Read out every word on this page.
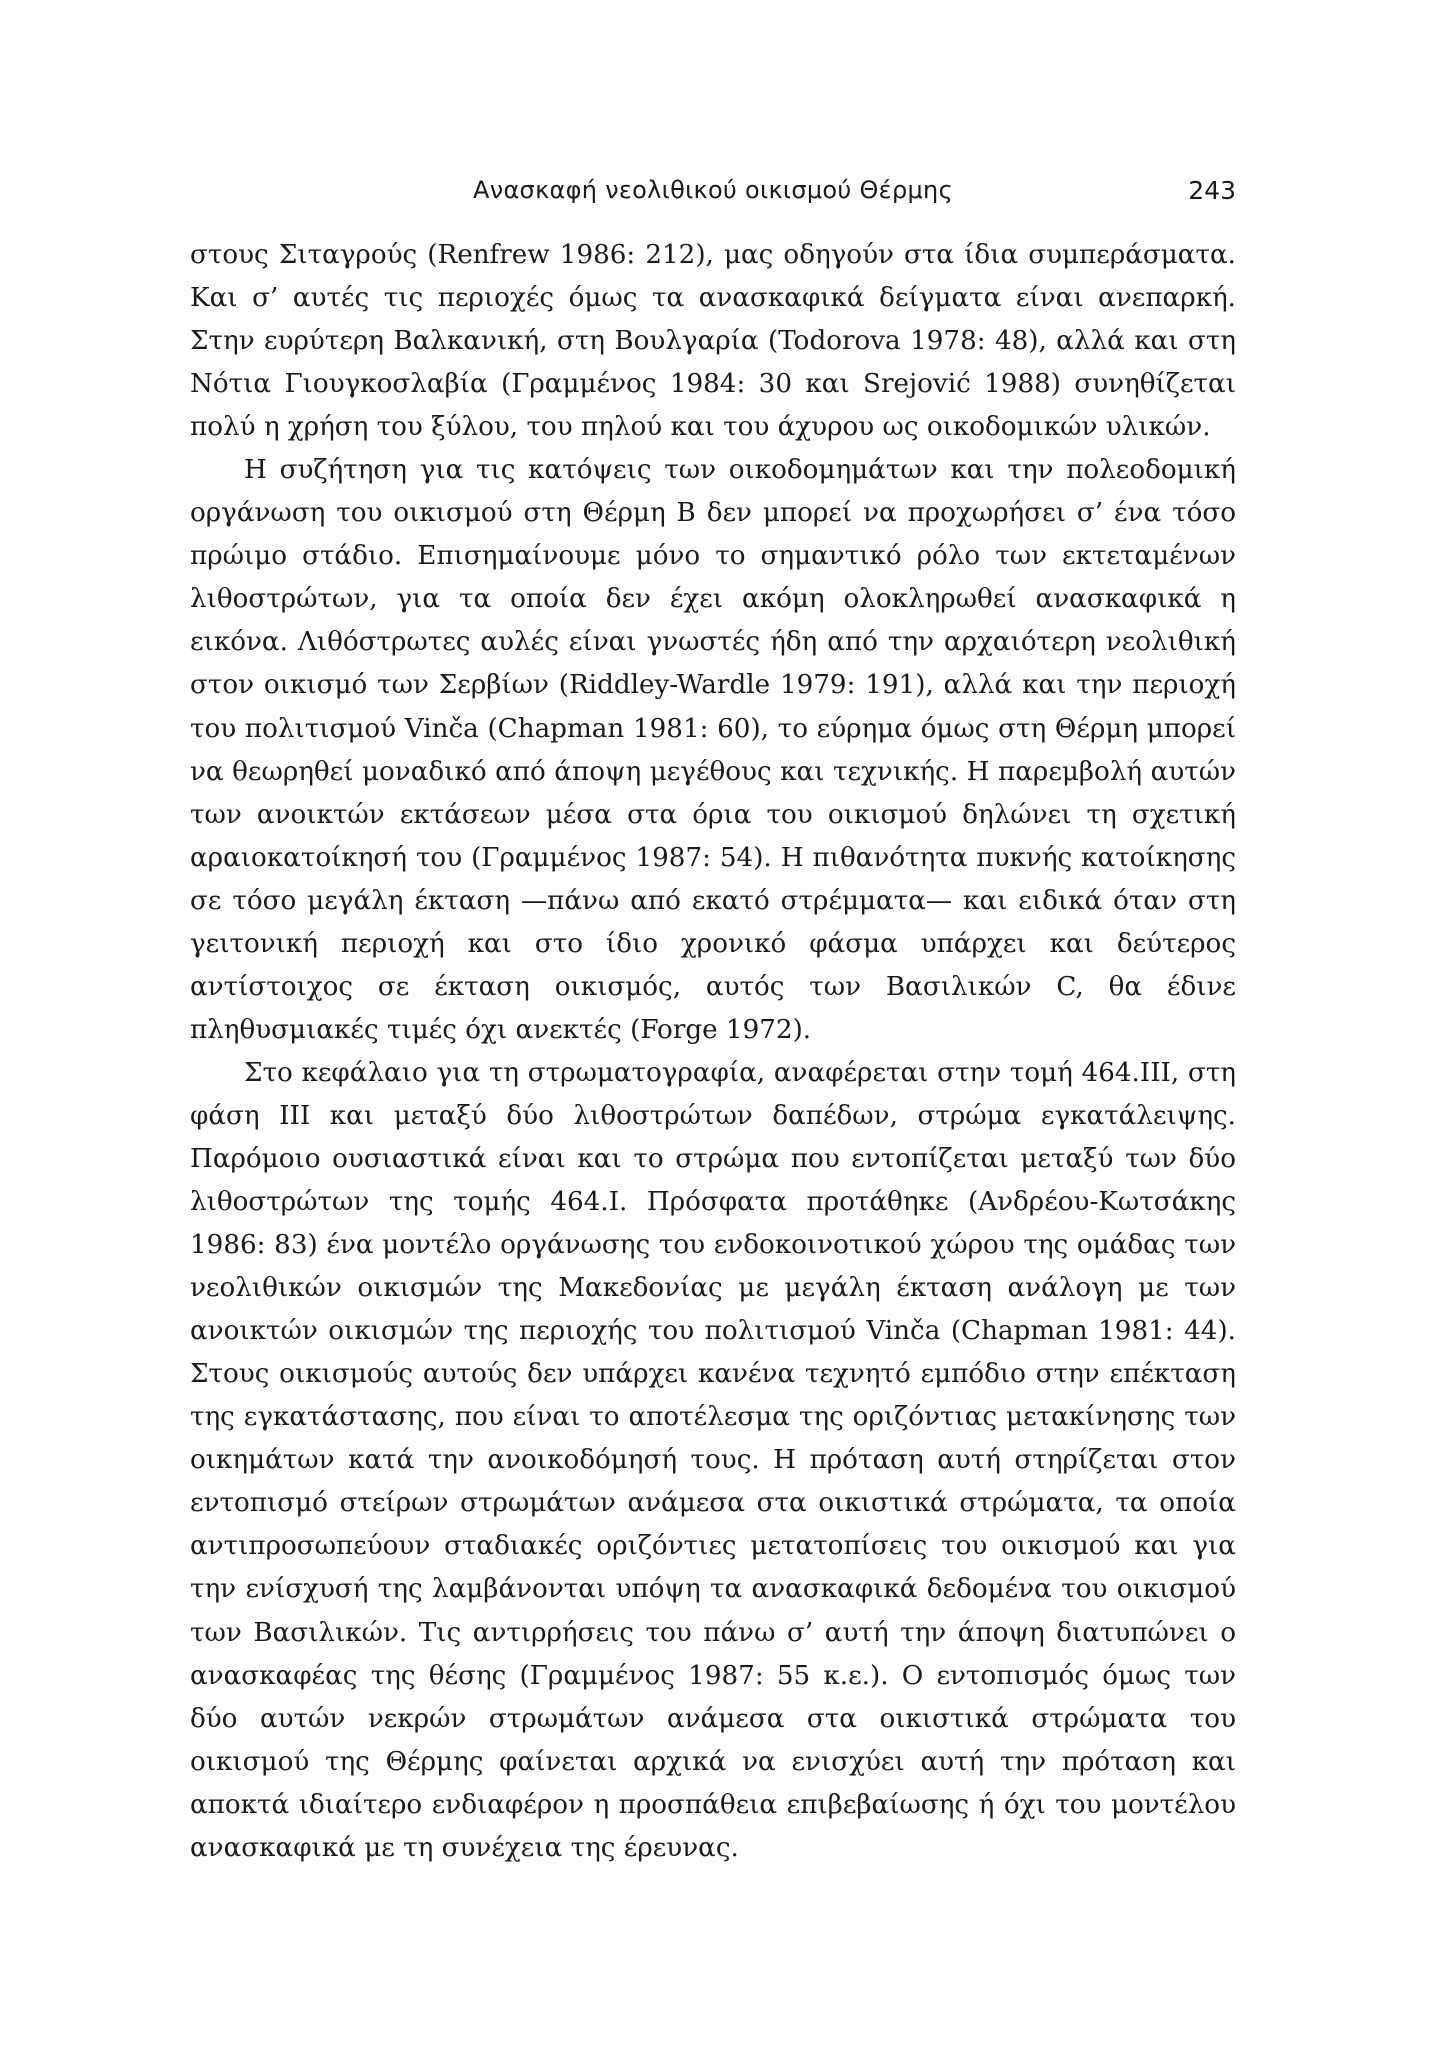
Ανασκαφή νεολιθικού οικισμού Θέρμης	243

στους Σιταγρούς (Renfrew 1986: 212), μας οδηγούν στα ίδια συμπεράσματα. Και σ’ αυτές τις περιοχές όμως τα ανασκαφικά δείγματα είναι ανεπαρκή. Στην ευρύτερη Βαλκανική, στη Βουλγαρία (Todorova 1978: 48), αλλά και στη Νότια Γιουγκοσλαβία (Γραμμένος 1984: 30 και Srejović 1988) συνηθίζεται πολύ η χρήση του ξύλου, του πηλού και του άχυρου ως οικοδομικών υλικών.

Η συζήτηση για τις κατόψεις των οικοδομημάτων και την πολεοδομική οργάνωση του οικισμού στη Θέρμη Β δεν μπορεί να προχωρήσει σ’ ένα τόσο πρώιμο στάδιο. Επισημαίνουμε μόνο το σημαντικό ρόλο των εκτεταμένων λιθοστρώτων, για τα οποία δεν έχει ακόμη ολοκληρωθεί ανασκαφικά η εικόνα. Λιθόστρωτες αυλές είναι γνωστές ήδη από την αρχαιότερη νεολιθική στον οικισμό των Σερβίων (Riddley-Wardle 1979: 191), αλλά και την περιοχή του πολιτισμού Vinča (Chapman 1981: 60), το εύρημα όμως στη Θέρμη μπορεί να θεωρηθεί μοναδικό από άποψη μεγέθους και τεχνικής. Η παρεμβολή αυτών των ανοικτών εκτάσεων μέσα στα όρια του οικισμού δηλώνει τη σχετική αραιοκατοίκησή του (Γραμμένος 1987: 54). Η πιθανότητα πυκνής κατοίκησης σε τόσο μεγάλη έκταση —πάνω από εκατό στρέμματα— και ειδικά όταν στη γειτονική περιοχή και στο ίδιο χρονικό φάσμα υπάρχει και δεύτερος αντίστοιχος σε έκταση οικισμός, αυτός των Βασιλικών C, θα έδινε πληθυσμιακές τιμές όχι ανεκτές (Forge 1972).

Στο κεφάλαιο για τη στρωματογραφία, αναφέρεται στην τομή 464.ΙΙΙ, στη φάση ΙΙΙ και μεταξύ δύο λιθοστρώτων δαπέδων, στρώμα εγκατάλειψης. Παρόμοιο ουσιαστικά είναι και το στρώμα που εντοπίζεται μεταξύ των δύο λιθοστρώτων της τομής 464.Ι. Πρόσφατα προτάθηκε (Ανδρέου-Κωτσάκης 1986: 83) ένα μοντέλο οργάνωσης του ενδοκοινοτικού χώρου της ομάδας των νεολιθικών οικισμών της Μακεδονίας με μεγάλη έκταση ανάλογη με των ανοικτών οικισμών της περιοχής του πολιτισμού Vinča (Chapman 1981: 44). Στους οικισμούς αυτούς δεν υπάρχει κανένα τεχνητό εμπόδιο στην επέκταση της εγκατάστασης, που είναι το αποτέλεσμα της οριζόντιας μετακίνησης των οικημάτων κατά την ανοικοδόμησή τους. Η πρόταση αυτή στηρίζεται στον εντοπισμό στείρων στρωμάτων ανάμεσα στα οικιστικά στρώματα, τα οποία αντιπροσωπεύουν σταδιακές οριζόντιες μετατοπίσεις του οικισμού και για την ενίσχυσή της λαμβάνονται υπόψη τα ανασκαφικά δεδομένα του οικισμού των Βασιλικών. Τις αντιρρήσεις του πάνω σ’ αυτή την άποψη διατυπώνει ο ανασκαφέας της θέσης (Γραμμένος 1987: 55 κ.ε.). Ο εντοπισμός όμως των δύο αυτών νεκρών στρωμάτων ανάμεσα στα οικιστικά στρώματα του οικισμού της Θέρμης φαίνεται αρχικά να ενισχύει αυτή την πρόταση και αποκτά ιδιαίτερο ενδιαφέρον η προσπάθεια επιβεβαίωσης ή όχι του μοντέλου ανασκαφικά με τη συνέχεια της έρευνας.
